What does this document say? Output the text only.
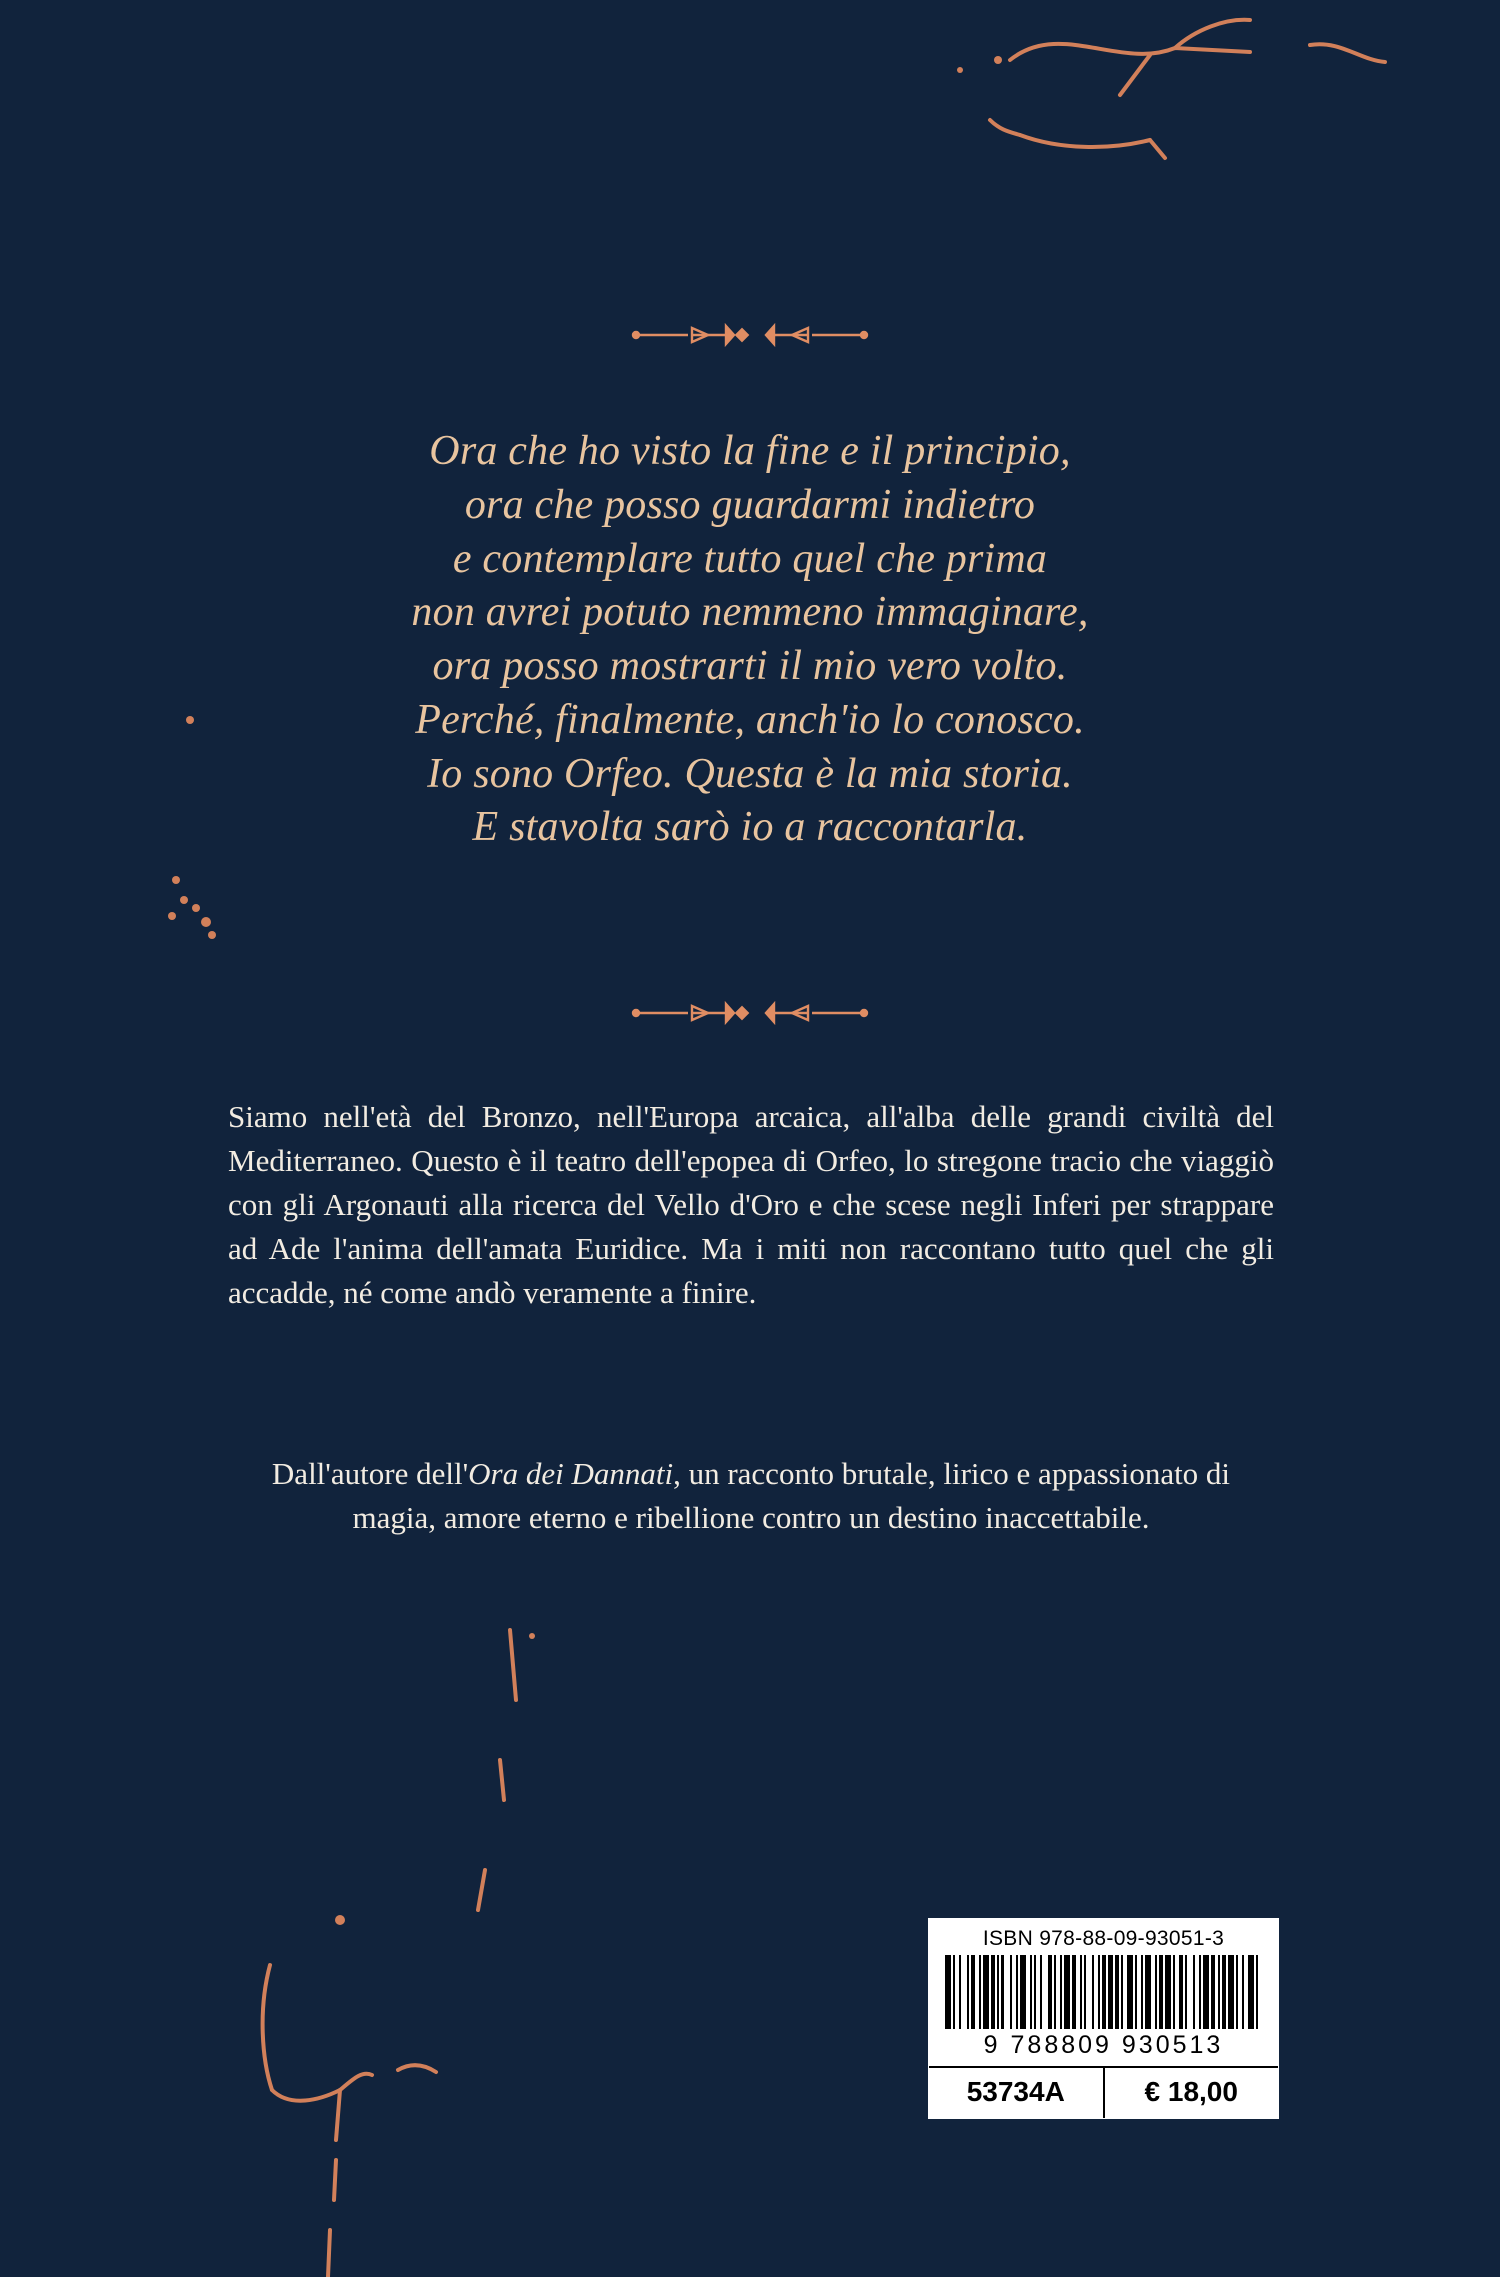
Ora che ho visto la fine e il principio,
ora che posso guardarmi indietro
e contemplare tutto quel che prima
non avrei potuto nemmeno immaginare,
ora posso mostrarti il mio vero volto.
Perché, finalmente, anch'io lo conosco.
Io sono Orfeo. Questa è la mia storia.
E stavolta sarò io a raccontarla.
Siamo nell'età del Bronzo, nell'Europa arcaica, all'alba delle grandi civiltà del Mediterraneo. Questo è il teatro dell'epopea di Orfeo, lo stregone tracio che viaggiò con gli Argonauti alla ricerca del Vello d'Oro e che scese negli Inferi per strappare ad Ade l'anima dell'amata Euridice. Ma i miti non raccontano tutto quel che gli accadde, né come andò veramente a finire.
Dall'autore dell'Ora dei Dannati, un racconto brutale, lirico e appassionato di magia, amore eterno e ribellione contro un destino inaccettabile.
ISBN 978-88-09-93051-3
9 788809 930513
53734A	€ 18,00
